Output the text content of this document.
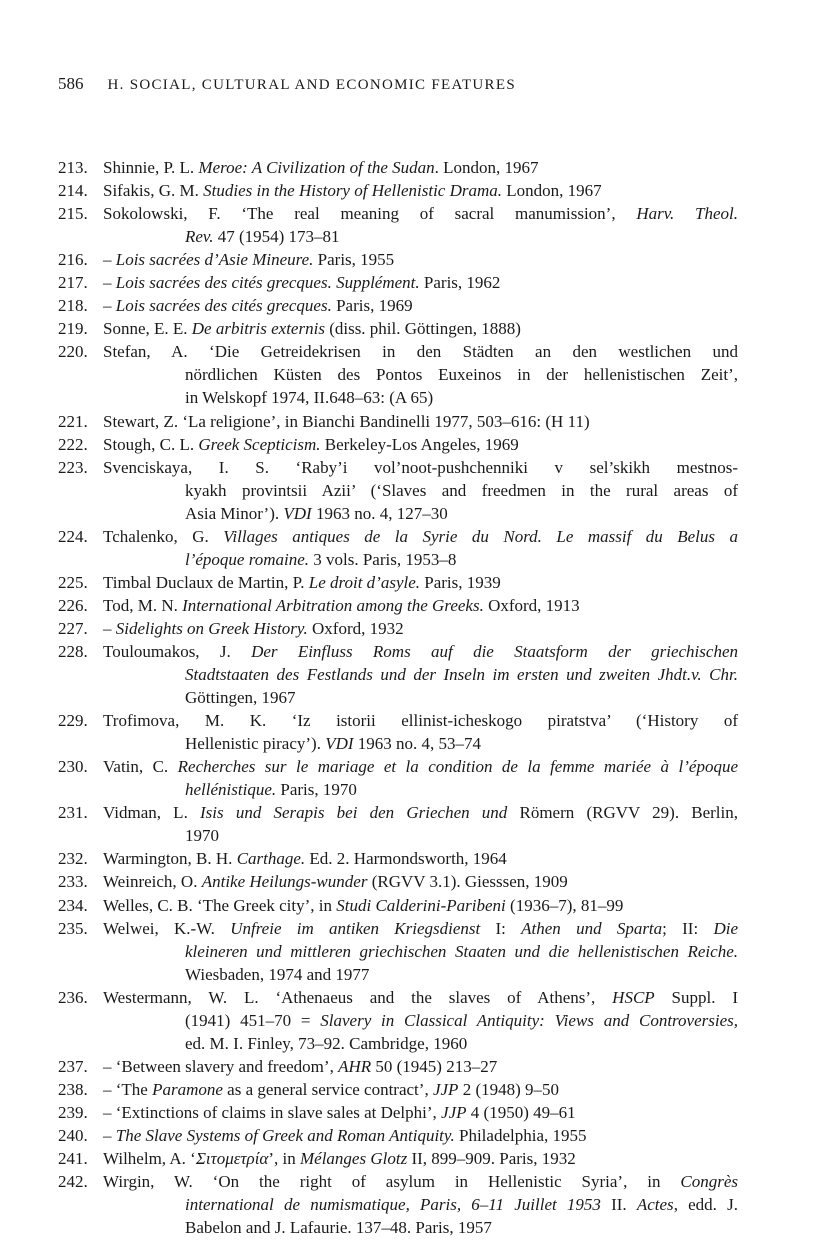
586 H. SOCIAL, CULTURAL AND ECONOMIC FEATURES
213. Shinnie, P. L. Meroe: A Civilization of the Sudan. London, 1967
214. Sifakis, G. M. Studies in the History of Hellenistic Drama. London, 1967
215. Sokolowski, F. ‘The real meaning of sacral manumission’, Harv. Theol.
Rev. 47 (1954) 173–81
216. – Lois sacrées d’Asie Mineure. Paris, 1955
217. – Lois sacrées des cités grecques. Supplément. Paris, 1962
218. – Lois sacrées des cités grecques. Paris, 1969
219. Sonne, E. E. De arbitris externis (diss. phil. Göttingen, 1888)
220. Stefan, A. ‘Die Getreidekrisen in den Städten an den westlichen und
nördlichen Küsten des Pontos Euxeinos in der hellenistischen Zeit’,
in Welskopf 1974, II.648–63: (A 65)
221. Stewart, Z. ‘La religione’, in Bianchi Bandinelli 1977, 503–616: (H 11)
222. Stough, C. L. Greek Scepticism. Berkeley-Los Angeles, 1969
223. Svenciskaya, I. S. ‘Raby’i vol’noot-pushchenniki v sel’skikh mestnos-
kyakh provintsii Azii’ (‘Slaves and freedmen in the rural areas of
Asia Minor’). VDI 1963 no. 4, 127–30
224. Tchalenko, G. Villages antiques de la Syrie du Nord. Le massif du Belus a
l’époque romaine. 3 vols. Paris, 1953–8
225. Timbal Duclaux de Martin, P. Le droit d’asyle. Paris, 1939
226. Tod, M. N. International Arbitration among the Greeks. Oxford, 1913
227. – Sidelights on Greek History. Oxford, 1932
228. Touloumakos, J. Der Einfluss Roms auf die Staatsform der griechischen
Stadtstaaten des Festlands und der Inseln im ersten und zweiten Jhdt.v. Chr.
Göttingen, 1967
229. Trofimova, M. K. ‘Iz istorii ellinist-icheskogo piratstva’ (‘History of
Hellenistic piracy’). VDI 1963 no. 4, 53–74
230. Vatin, C. Recherches sur le mariage et la condition de la femme mariée à l’époque
hellénistique. Paris, 1970
231. Vidman, L. Isis und Serapis bei den Griechen und Römern (RGVV 29). Berlin,
1970
232. Warmington, B. H. Carthage. Ed. 2. Harmondsworth, 1964
233. Weinreich, O. Antike Heilungs-wunder (RGVV 3.1). Giesssen, 1909
234. Welles, C. B. ‘The Greek city’, in Studi Calderini-Paribeni (1936–7), 81–99
235. Welwei, K.-W. Unfreie im antiken Kriegsdienst I: Athen und Sparta; II: Die
kleineren und mittleren griechischen Staaten und die hellenistischen Reiche.
Wiesbaden, 1974 and 1977
236. Westermann, W. L. ‘Athenaeus and the slaves of Athens’, HSCP Suppl. I
(1941) 451–70 = Slavery in Classical Antiquity: Views and Controversies,
ed. M. I. Finley, 73–92. Cambridge, 1960
237. – ‘Between slavery and freedom’, AHR 50 (1945) 213–27
238. – ‘The Paramone as a general service contract’, JJP 2 (1948) 9–50
239. – ‘Extinctions of claims in slave sales at Delphi’, JJP 4 (1950) 49–61
240. – The Slave Systems of Greek and Roman Antiquity. Philadelphia, 1955
241. Wilhelm, A. ‘Σιτομετρία’, in Mélanges Glotz II, 899–909. Paris, 1932
242. Wirgin, W. ‘On the right of asylum in Hellenistic Syria’, in Congrès
international de numismatique, Paris, 6–11 Juillet 1953 II. Actes, edd. J.
Babelon and J. Lafaurie. 137–48. Paris, 1957
